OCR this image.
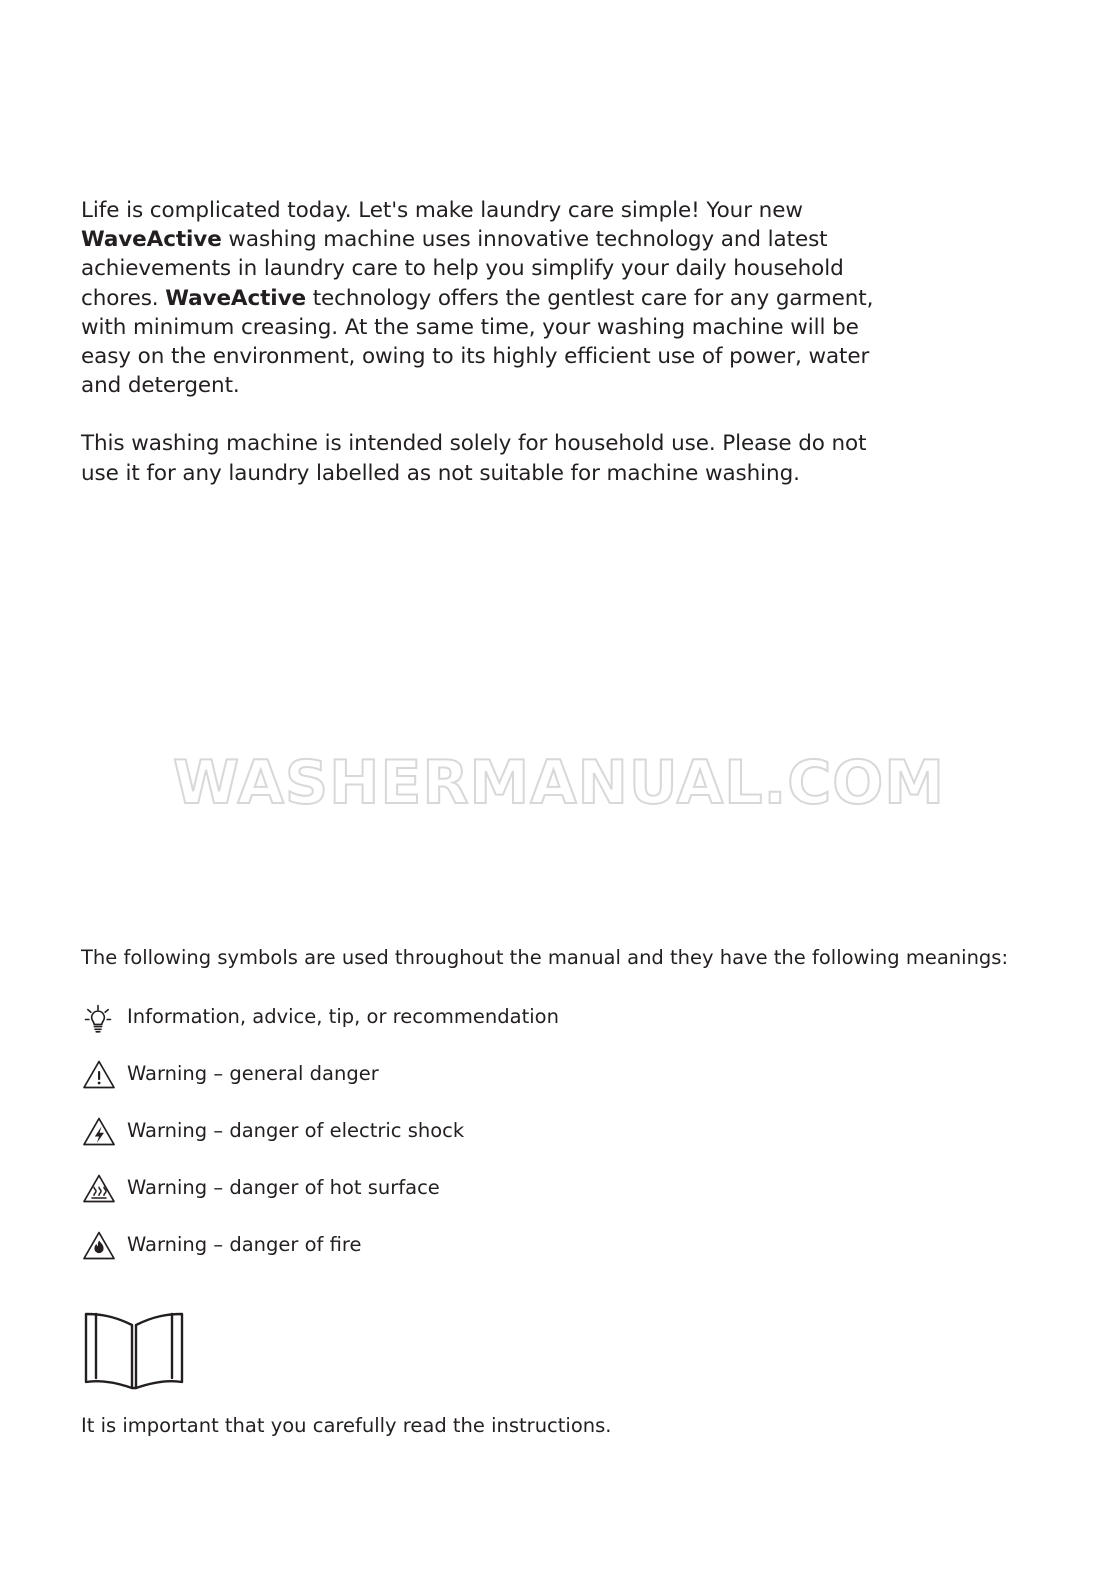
Life is complicated today. Let's make laundry care simple! Your new WaveActive washing machine uses innovative technology and latest achievements in laundry care to help you simplify your daily household chores. WaveActive technology offers the gentlest care for any garment, with minimum creasing. At the same time, your washing machine will be easy on the environment, owing to its highly efficient use of power, water and detergent.

This washing machine is intended solely for household use. Please do not use it for any laundry labelled as not suitable for machine washing.

WASHERMANUAL.COM
The following symbols are used throughout the manual and they have the following meanings:
Information, advice, tip, or recommendation
Warning – general danger
Warning – danger of electric shock
Warning – danger of hot surface
Warning – danger of fire
It is important that you carefully read the instructions.
